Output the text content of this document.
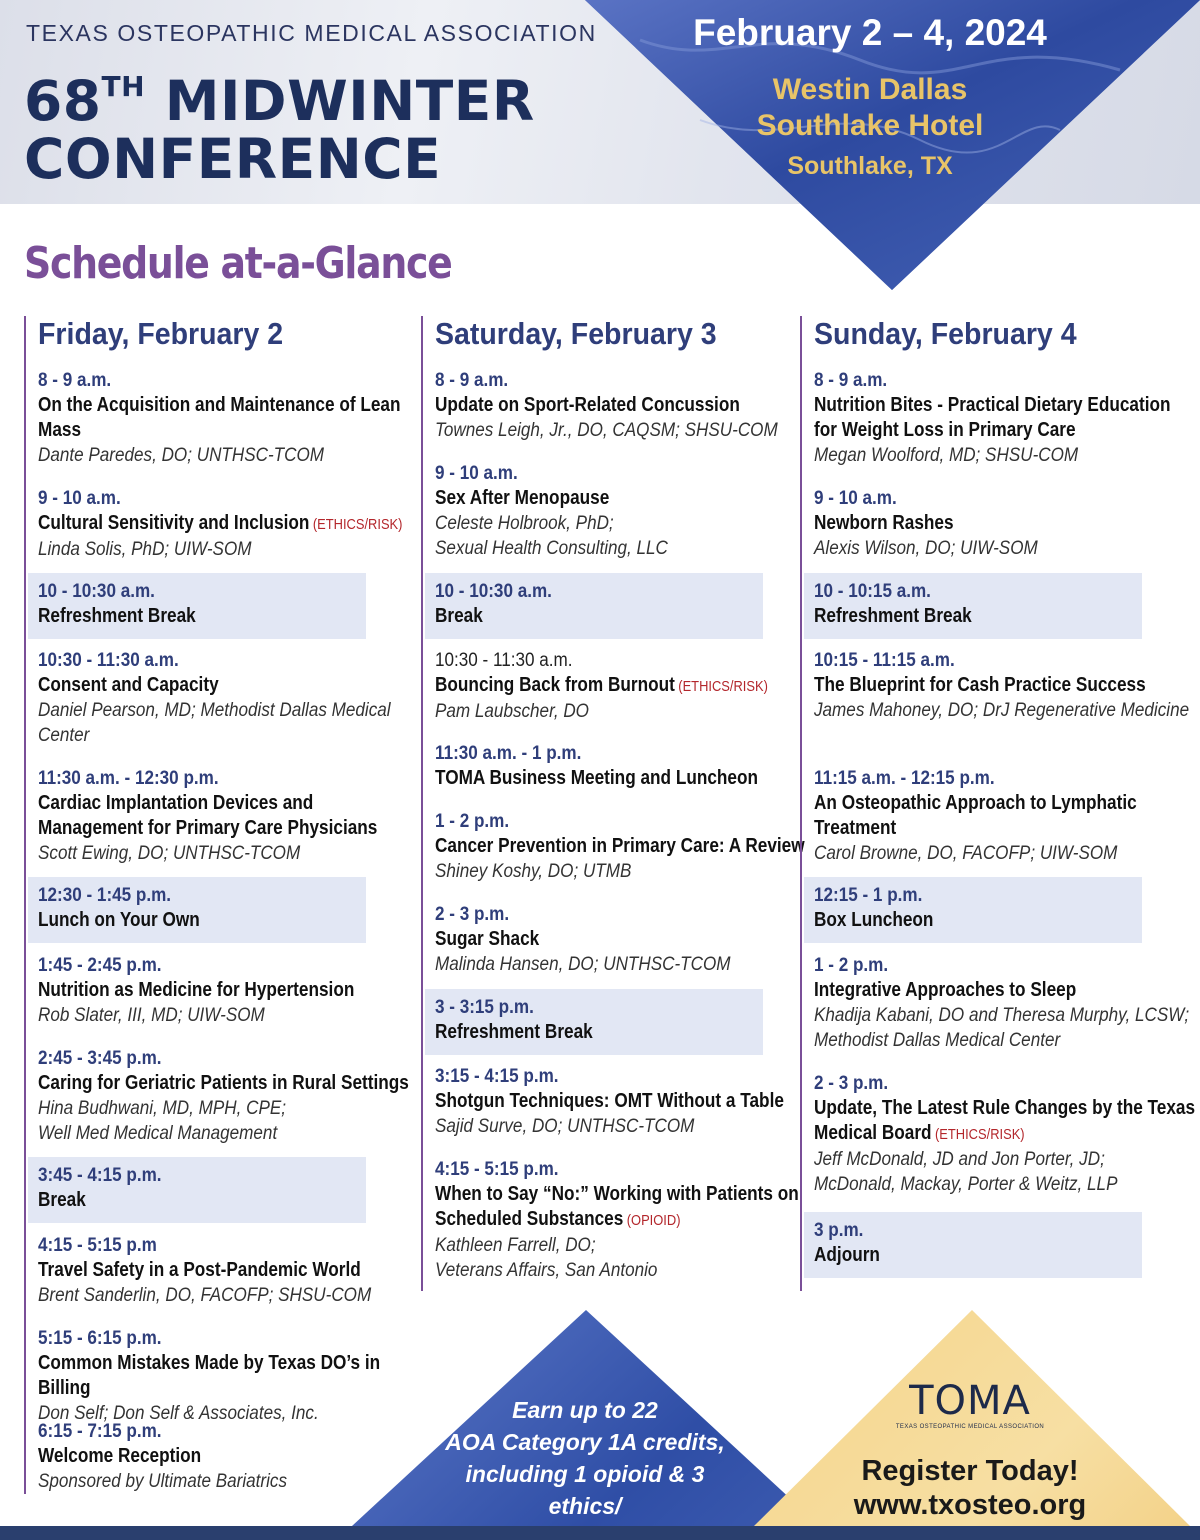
TEXAS OSTEOPATHIC MEDICAL ASSOCIATION
68TH MIDWINTER
CONFERENCE
February 2 – 4, 2024
Westin Dallas
Southlake Hotel
Southlake, TX
Schedule at-a-Glance
Friday, February 2
8 - 9 a.m.
On the Acquisition and Maintenance of Lean Mass
Dante Paredes, DO; UNTHSC-TCOM
9 - 10 a.m.
Cultural Sensitivity and Inclusion (ETHICS/RISK)
Linda Solis, PhD; UIW-SOM
10 - 10:30 a.m.
Refreshment Break
10:30 - 11:30 a.m.
Consent and Capacity
Daniel Pearson, MD; Methodist Dallas Medical Center
11:30 a.m. - 12:30 p.m.
Cardiac Implantation Devices and Management for Primary Care Physicians
Scott Ewing, DO; UNTHSC-TCOM
12:30 - 1:45 p.m.
Lunch on Your Own
1:45 - 2:45 p.m.
Nutrition as Medicine for Hypertension
Rob Slater, III, MD; UIW-SOM
2:45 - 3:45 p.m.
Caring for Geriatric Patients in Rural Settings
Hina Budhwani, MD, MPH, CPE;
Well Med Medical Management
3:45 - 4:15 p.m.
Break
4:15 - 5:15 p.m
Travel Safety in a Post-Pandemic World
Brent Sanderlin, DO, FACOFP; SHSU-COM
5:15 - 6:15 p.m.
Common Mistakes Made by Texas DO’s in Billing
Don Self; Don Self & Associates, Inc.
6:15 - 7:15 p.m.
Welcome Reception
Sponsored by Ultimate Bariatrics
Saturday, February 3
8 - 9 a.m.
Update on Sport-Related Concussion
Townes Leigh, Jr., DO, CAQSM; SHSU-COM
9 - 10 a.m.
Sex After Menopause
Celeste Holbrook, PhD;
Sexual Health Consulting, LLC
10 - 10:30 a.m.
Break
10:30 - 11:30 a.m.
Bouncing Back from Burnout (ETHICS/RISK)
Pam Laubscher, DO
11:30 a.m. - 1 p.m.
TOMA Business Meeting and Luncheon
1 - 2 p.m.
Cancer Prevention in Primary Care: A Review
Shiney Koshy, DO; UTMB
2 - 3 p.m.
Sugar Shack
Malinda Hansen, DO; UNTHSC-TCOM
3 - 3:15 p.m.
Refreshment Break
3:15 - 4:15 p.m.
Shotgun Techniques: OMT Without a Table
Sajid Surve, DO; UNTHSC-TCOM
4:15 - 5:15 p.m.
When to Say “No:” Working with Patients on Scheduled Substances (OPIOID)
Kathleen Farrell, DO;
Veterans Affairs, San Antonio
Sunday, February 4
8 - 9 a.m.
Nutrition Bites - Practical Dietary Education for Weight Loss in Primary Care
Megan Woolford, MD; SHSU-COM
9 - 10 a.m.
Newborn Rashes
Alexis Wilson, DO; UIW-SOM
10 - 10:15 a.m.
Refreshment Break
10:15 - 11:15 a.m.
The Blueprint for Cash Practice Success
James Mahoney, DO; DrJ Regenerative Medicine
11:15 a.m. - 12:15 p.m.
An Osteopathic Approach to Lymphatic Treatment
Carol Browne, DO, FACOFP; UIW-SOM
12:15 - 1 p.m.
Box Luncheon
1 - 2 p.m.
Integrative Approaches to Sleep
Khadija Kabani, DO and Theresa Murphy, LCSW; Methodist Dallas Medical Center
2 - 3 p.m.
Update, The Latest Rule Changes by the Texas Medical Board (ETHICS/RISK)
Jeff McDonald, JD and Jon Porter, JD;
McDonald, Mackay, Porter & Weitz, LLP
3 p.m.
Adjourn
Earn up to 22
AOA Category 1A credits,
including 1 opioid & 3 ethics/
TOMA
TEXAS OSTEOPATHIC MEDICAL ASSOCIATION
Register Today!
www.txosteo.org
